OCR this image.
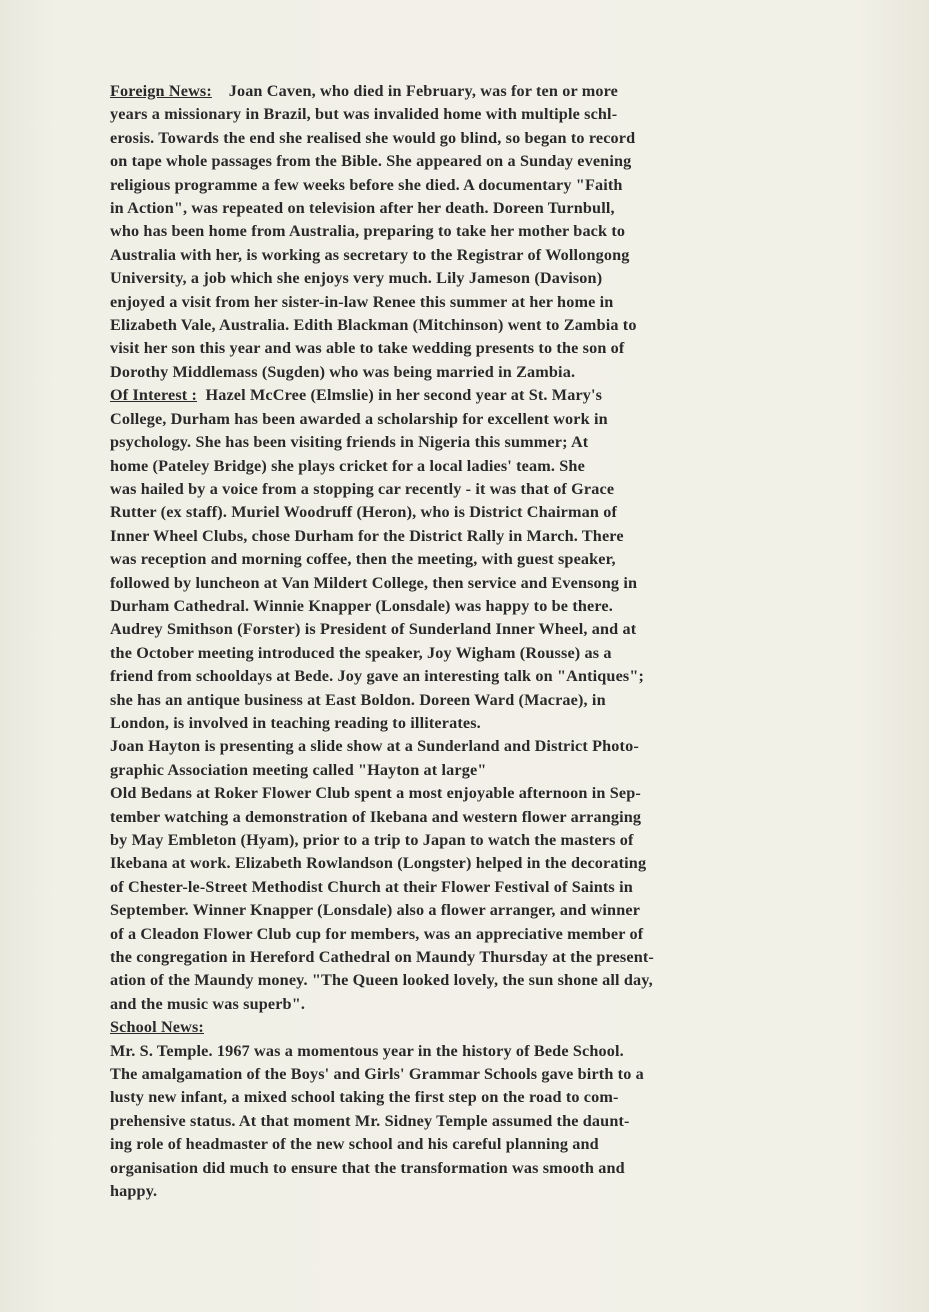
Foreign News: Joan Caven, who died in February, was for ten or more
years a missionary in Brazil, but was invalided home with multiple schl-
erosis. Towards the end she realised she would go blind, so began to record
on tape whole passages from the Bible. She appeared on a Sunday evening
religious programme a few weeks before she died. A documentary "Faith
in Action", was repeated on television after her death. Doreen Turnbull,
who has been home from Australia, preparing to take her mother back to
Australia with her, is working as secretary to the Registrar of Wollongong
University, a job which she enjoys very much. Lily Jameson (Davison)
enjoyed a visit from her sister-in-law Renee this summer at her home in
Elizabeth Vale, Australia. Edith Blackman (Mitchinson) went to Zambia to
visit her son this year and was able to take wedding presents to the son of
Dorothy Middlemass (Sugden) who was being married in Zambia.
Of Interest : Hazel McCree (Elmslie) in her second year at St. Mary's
College, Durham has been awarded a scholarship for excellent work in
psychology. She has been visiting friends in Nigeria this summer; At
home (Pateley Bridge) she plays cricket for a local ladies' team. She
was hailed by a voice from a stopping car recently - it was that of Grace
Rutter (ex staff). Muriel Woodruff (Heron), who is District Chairman of
Inner Wheel Clubs, chose Durham for the District Rally in March. There
was reception and morning coffee, then the meeting, with guest speaker,
followed by luncheon at Van Mildert College, then service and Evensong in
Durham Cathedral. Winnie Knapper (Lonsdale) was happy to be there.
Audrey Smithson (Forster) is President of Sunderland Inner Wheel, and at
the October meeting introduced the speaker, Joy Wigham (Rousse) as a
friend from schooldays at Bede. Joy gave an interesting talk on "Antiques";
she has an antique business at East Boldon. Doreen Ward (Macrae), in
London, is involved in teaching reading to illiterates.
Joan Hayton is presenting a slide show at a Sunderland and District Photo-
graphic Association meeting called "Hayton at large"
Old Bedans at Roker Flower Club spent a most enjoyable afternoon in Sep-
tember watching a demonstration of Ikebana and western flower arranging
by May Embleton (Hyam), prior to a trip to Japan to watch the masters of
Ikebana at work. Elizabeth Rowlandson (Longster) helped in the decorating
of Chester-le-Street Methodist Church at their Flower Festival of Saints in
September. Winner Knapper (Lonsdale) also a flower arranger, and winner
of a Cleadon Flower Club cup for members, was an appreciative member of
the congregation in Hereford Cathedral on Maundy Thursday at the present-
ation of the Maundy money. "The Queen looked lovely, the sun shone all day,
and the music was superb".
School News:
Mr. S. Temple. 1967 was a momentous year in the history of Bede School.
The amalgamation of the Boys' and Girls' Grammar Schools gave birth to a
lusty new infant, a mixed school taking the first step on the road to com-
prehensive status. At that moment Mr. Sidney Temple assumed the daunt-
ing role of headmaster of the new school and his careful planning and
organisation did much to ensure that the transformation was smooth and
happy.
